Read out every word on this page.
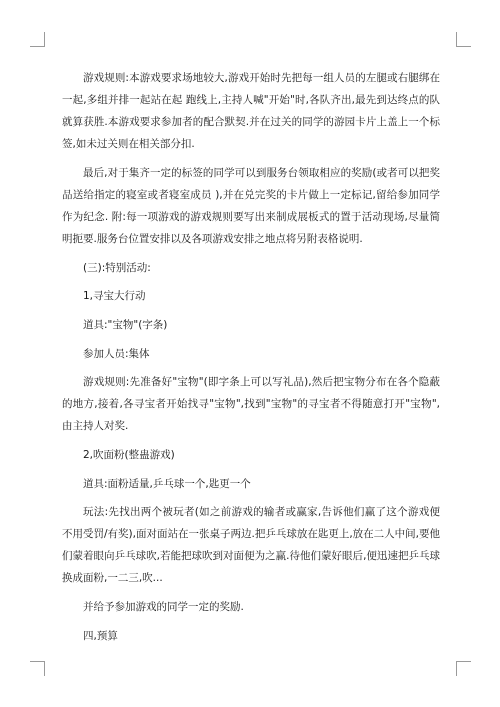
游戏规则:本游戏要求场地较大,游戏开始时先把每一组人员的左腿或右腿绑在一起,多组并排一起站在起 跑线上,主持人喊"开始"时,各队齐出,最先到达终点的队就算获胜.本游戏要求参加者的配合默契.并在过关的同学的游园卡片上盖上一个标签,如未过关则在相关部分扣.

最后,对于集齐一定的标签的同学可以到服务台领取相应的奖励(或者可以把奖品送给指定的寝室或者寝室成员 ),并在兑完奖的卡片做上一定标记,留给参加同学作为纪念. 附:每一项游戏的游戏规则要写出来制成展板式的置于活动现场,尽量简明扼要.服务台位置安排以及各项游戏安排之地点将另附表格说明.

(三):特别活动:

1,寻宝大行动

道具:"宝物"(字条)

参加人员:集体

游戏规则:先准备好"宝物"(即字条上可以写礼品),然后把宝物分布在各个隐蔽的地方,接着,各寻宝者开始找寻"宝物",找到"宝物"的寻宝者不得随意打开"宝物",由主持人对奖.

2,吹面粉(整蛊游戏)

道具:面粉适量,乒乓球一个,匙更一个

玩法:先找出两个被玩者(如之前游戏的输者或赢家,告诉他们赢了这个游戏便不用受罚/有奖),面对面站在一张桌子两边.把乒乓球放在匙更上,放在二人中间,要他们蒙着眼向乒乓球吹,若能把球吹到对面便为之赢.待他们蒙好眼后,便迅速把乒乓球换成面粉,一二三,吹...

并给予参加游戏的同学一定的奖励.

四,预算
